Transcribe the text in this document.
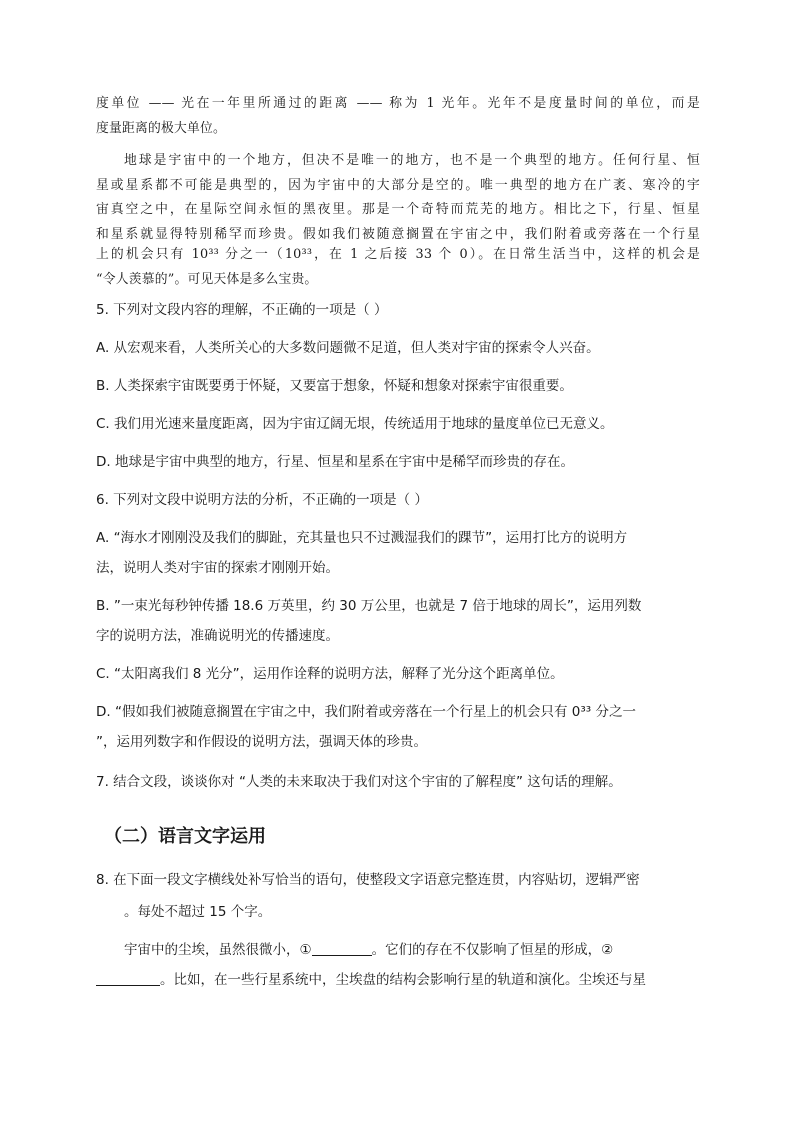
度单位 —— 光在一年里所通过的距离 —— 称为 1 光年。光年不是度量时间的单位，而是
度量距离的极大单位。
地球是宇宙中的一个地方，但决不是唯一的地方，也不是一个典型的地方。任何行星、恒
星或星系都不可能是典型的，因为宇宙中的大部分是空的。唯一典型的地方在广袤、寒冷的宇
宙真空之中，在星际空间永恒的黑夜里。那是一个奇特而荒芜的地方。相比之下，行星、恒星
和星系就显得特别稀罕而珍贵。假如我们被随意搁置在宇宙之中，我们附着或旁落在一个行星
上的机会只有 10³³ 分之一（10³³，在 1 之后接 33 个 0）。在日常生活当中，这样的机会是
“令人羡慕的”。可见天体是多么宝贵。
5. 下列对文段内容的理解，不正确的一项是（ ）
A. 从宏观来看，人类所关心的大多数问题微不足道，但人类对宇宙的探索令人兴奋。
B. 人类探索宇宙既要勇于怀疑，又要富于想象，怀疑和想象对探索宇宙很重要。
C. 我们用光速来量度距离，因为宇宙辽阔无垠，传统适用于地球的量度单位已无意义。
D. 地球是宇宙中典型的地方，行星、恒星和星系在宇宙中是稀罕而珍贵的存在。
6. 下列对文段中说明方法的分析，不正确的一项是（ ）
A. “海水才刚刚没及我们的脚趾，充其量也只不过溅湿我们的踝节”，运用打比方的说明方
法，说明人类对宇宙的探索才刚刚开始。
B. ”一束光每秒钟传播 18.6 万英里，约 30 万公里，也就是 7 倍于地球的周长”，运用列数
字的说明方法，准确说明光的传播速度。
C. “太阳离我们 8 光分”，运用作诠释的说明方法，解释了光分这个距离单位。
D. “假如我们被随意搁置在宇宙之中，我们附着或旁落在一个行星上的机会只有 0³³ 分之一
”，运用列数字和作假设的说明方法，强调天体的珍贵。
7. 结合文段，谈谈你对 “人类的未来取决于我们对这个宇宙的了解程度” 这句话的理解。
（二）语言文字运用
8. 在下面一段文字横线处补写恰当的语句，使整段文字语意完整连贯，内容贴切，逻辑严密
。每处不超过 15 个字。
宇宙中的尘埃，虽然很微小，①	。它们的存在不仅影响了恒星的形成，②
。比如，在一些行星系统中，尘埃盘的结构会影响行星的轨道和演化。尘埃还与星
